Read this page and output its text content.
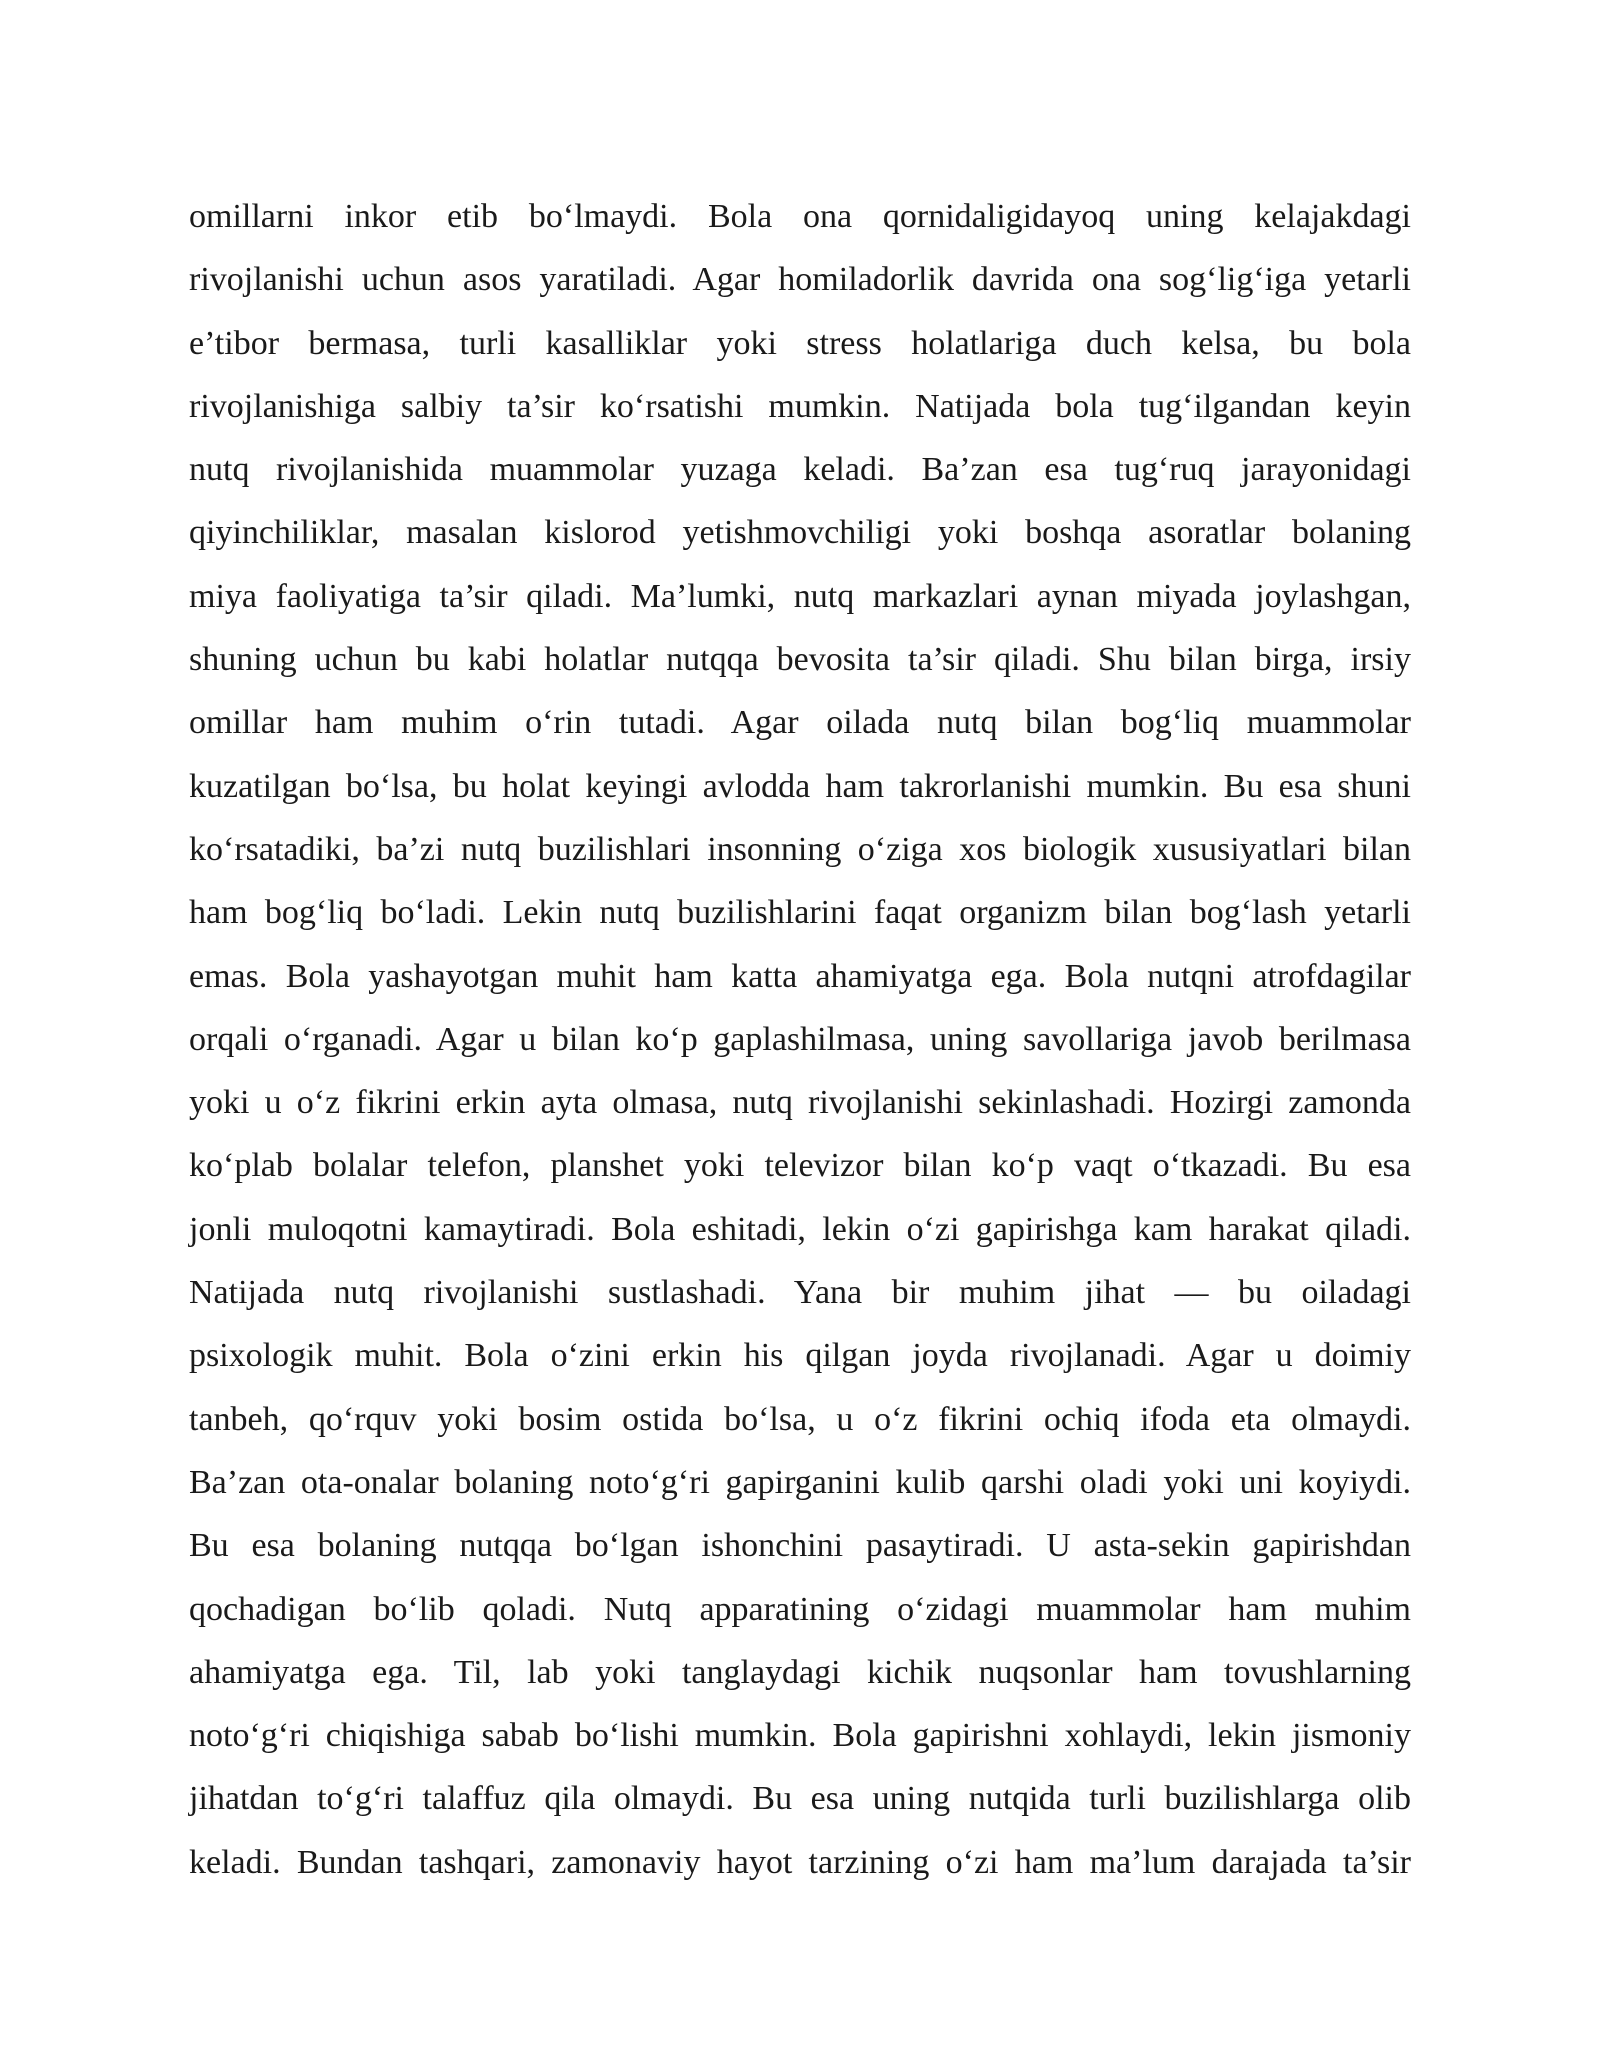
omillarni inkor etib bo‘lmaydi. Bola ona qornidaligidayoq uning kelajakdagi
rivojlanishi uchun asos yaratiladi. Agar homiladorlik davrida ona sog‘lig‘iga yetarli
e’tibor bermasa, turli kasalliklar yoki stress holatlariga duch kelsa, bu bola
rivojlanishiga salbiy ta’sir ko‘rsatishi mumkin. Natijada bola tug‘ilgandan keyin
nutq rivojlanishida muammolar yuzaga keladi. Ba’zan esa tug‘ruq jarayonidagi
qiyinchiliklar, masalan kislorod yetishmovchiligi yoki boshqa asoratlar bolaning
miya faoliyatiga ta’sir qiladi. Ma’lumki, nutq markazlari aynan miyada joylashgan,
shuning uchun bu kabi holatlar nutqqa bevosita ta’sir qiladi. Shu bilan birga, irsiy
omillar ham muhim o‘rin tutadi. Agar oilada nutq bilan bog‘liq muammolar
kuzatilgan bo‘lsa, bu holat keyingi avlodda ham takrorlanishi mumkin. Bu esa shuni
ko‘rsatadiki, ba’zi nutq buzilishlari insonning o‘ziga xos biologik xususiyatlari bilan
ham bog‘liq bo‘ladi. Lekin nutq buzilishlarini faqat organizm bilan bog‘lash yetarli
emas. Bola yashayotgan muhit ham katta ahamiyatga ega. Bola nutqni atrofdagilar
orqali o‘rganadi. Agar u bilan ko‘p gaplashilmasa, uning savollariga javob berilmasa
yoki u o‘z fikrini erkin ayta olmasa, nutq rivojlanishi sekinlashadi. Hozirgi zamonda
ko‘plab bolalar telefon, planshet yoki televizor bilan ko‘p vaqt o‘tkazadi. Bu esa
jonli muloqotni kamaytiradi. Bola eshitadi, lekin o‘zi gapirishga kam harakat qiladi.
Natijada nutq rivojlanishi sustlashadi. Yana bir muhim jihat — bu oiladagi
psixologik muhit. Bola o‘zini erkin his qilgan joyda rivojlanadi. Agar u doimiy
tanbeh, qo‘rquv yoki bosim ostida bo‘lsa, u o‘z fikrini ochiq ifoda eta olmaydi.
Ba’zan ota-onalar bolaning noto‘g‘ri gapirganini kulib qarshi oladi yoki uni koyiydi.
Bu esa bolaning nutqqa bo‘lgan ishonchini pasaytiradi. U asta-sekin gapirishdan
qochadigan bo‘lib qoladi. Nutq apparatining o‘zidagi muammolar ham muhim
ahamiyatga ega. Til, lab yoki tanglaydagi kichik nuqsonlar ham tovushlarning
noto‘g‘ri chiqishiga sabab bo‘lishi mumkin. Bola gapirishni xohlaydi, lekin jismoniy
jihatdan to‘g‘ri talaffuz qila olmaydi. Bu esa uning nutqida turli buzilishlarga olib
keladi. Bundan tashqari, zamonaviy hayot tarzining o‘zi ham ma’lum darajada ta’sir
